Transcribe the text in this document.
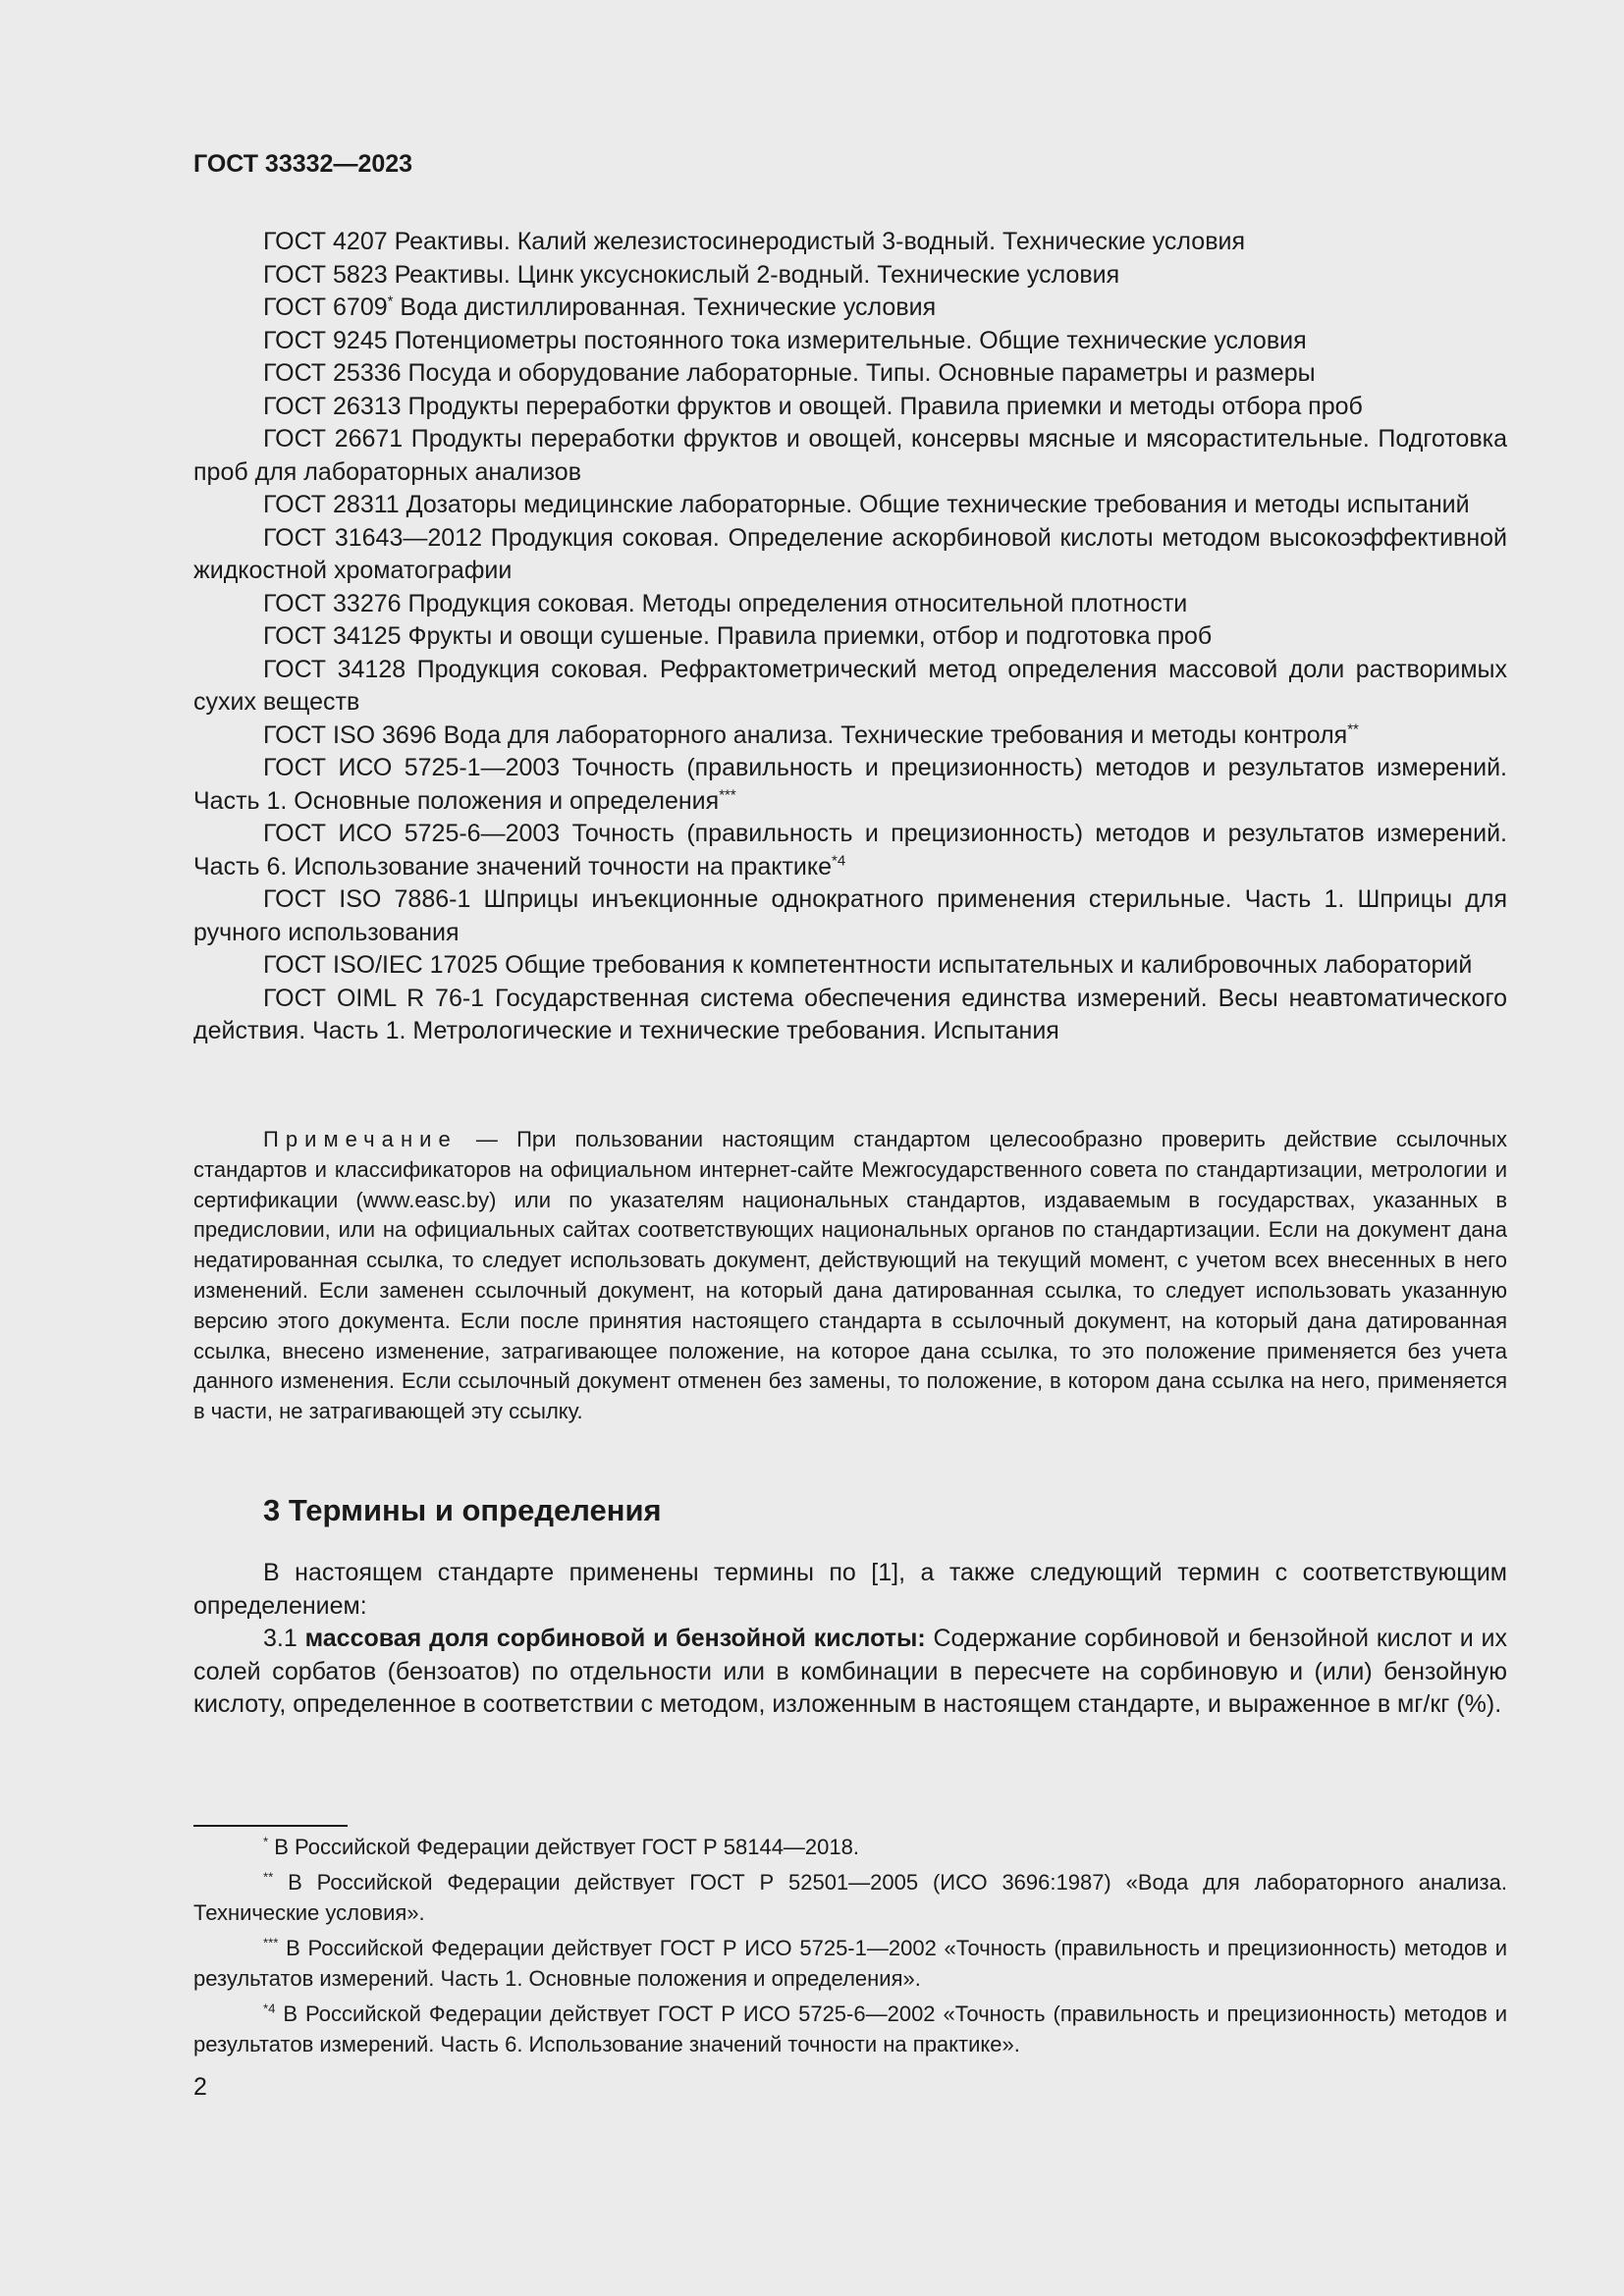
ГОСТ 33332—2023

ГОСТ 4207 Реактивы. Калий железистосинеродистый 3-водный. Технические условия

ГОСТ 5823 Реактивы. Цинк уксуснокислый 2-водный. Технические условия

ГОСТ 6709* Вода дистиллированная. Технические условия

ГОСТ 9245 Потенциометры постоянного тока измерительные. Общие технические условия

ГОСТ 25336 Посуда и оборудование лабораторные. Типы. Основные параметры и размеры

ГОСТ 26313 Продукты переработки фруктов и овощей. Правила приемки и методы отбора проб

ГОСТ 26671 Продукты переработки фруктов и овощей, консервы мясные и мясорастительные. Подготовка проб для лабораторных анализов

ГОСТ 28311 Дозаторы медицинские лабораторные. Общие технические требования и методы испытаний

ГОСТ 31643—2012 Продукция соковая. Определение аскорбиновой кислоты методом высокоэффективной жидкостной хроматографии

ГОСТ 33276 Продукция соковая. Методы определения относительной плотности

ГОСТ 34125 Фрукты и овощи сушеные. Правила приемки, отбор и подготовка проб

ГОСТ 34128 Продукция соковая. Рефрактометрический метод определения массовой доли растворимых сухих веществ

ГОСТ ISO 3696 Вода для лабораторного анализа. Технические требования и методы контроля**

ГОСТ ИСО 5725-1—2003 Точность (правильность и прецизионность) методов и результатов измерений. Часть 1. Основные положения и определения***

ГОСТ ИСО 5725-6—2003 Точность (правильность и прецизионность) методов и результатов измерений. Часть 6. Использование значений точности на практике$^{*4}$

ГОСТ ISO 7886-1 Шприцы инъекционные однократного применения стерильные. Часть 1. Шприцы для ручного использования

ГОСТ ISO/IEC 17025 Общие требования к компетентности испытательных и калибровочных лабораторий

ГОСТ OIML R 76-1 Государственная система обеспечения единства измерений. Весы неавтоматического действия. Часть 1. Метрологические и технические требования. Испытания

Примечание — При пользовании настоящим стандартом целесообразно проверить действие ссылочных стандартов и классификаторов на официальном интернет-сайте Межгосударственного совета по стандартизации, метрологии и сертификации (www.easc.by) или по указателям национальных стандартов, издаваемым в государствах, указанных в предисловии, или на официальных сайтах соответствующих национальных органов по стандартизации. Если на документ дана недатированная ссылка, то следует использовать документ, действующий на текущий момент, с учетом всех внесенных в него изменений. Если заменен ссылочный документ, на который дана датированная ссылка, то следует использовать указанную версию этого документа. Если после принятия настоящего стандарта в ссылочный документ, на который дана датированная ссылка, внесено изменение, затрагивающее положение, на которое дана ссылка, то это положение применяется без учета данного изменения. Если ссылочный документ отменен без замены, то положение, в котором дана ссылка на него, применяется в части, не затрагивающей эту ссылку.

3 Термины и определения

В настоящем стандарте применены термины по [1], а также следующий термин с соответствующим определением:

3.1 массовая доля сорбиновой и бензойной кислоты: Содержание сорбиновой и бензойной кислот и их солей сорбатов (бензоатов) по отдельности или в комбинации в пересчете на сорбиновую и (или) бензойную кислоту, определенное в соответствии с методом, изложенным в настоящем стандарте, и выраженное в мг/кг (%).

* В Российской Федерации действует ГОСТ Р 58144—2018.

** В Российской Федерации действует ГОСТ Р 52501—2005 (ИСО 3696:1987) «Вода для лабораторного анализа. Технические условия».

*** В Российской Федерации действует ГОСТ Р ИСО 5725-1—2002 «Точность (правильность и прецизионность) методов и результатов измерений. Часть 1. Основные положения и определения».

$^{*4}$ В Российской Федерации действует ГОСТ Р ИСО 5725-6—2002 «Точность (правильность и прецизионность) методов и результатов измерений. Часть 6. Использование значений точности на практике».

2
